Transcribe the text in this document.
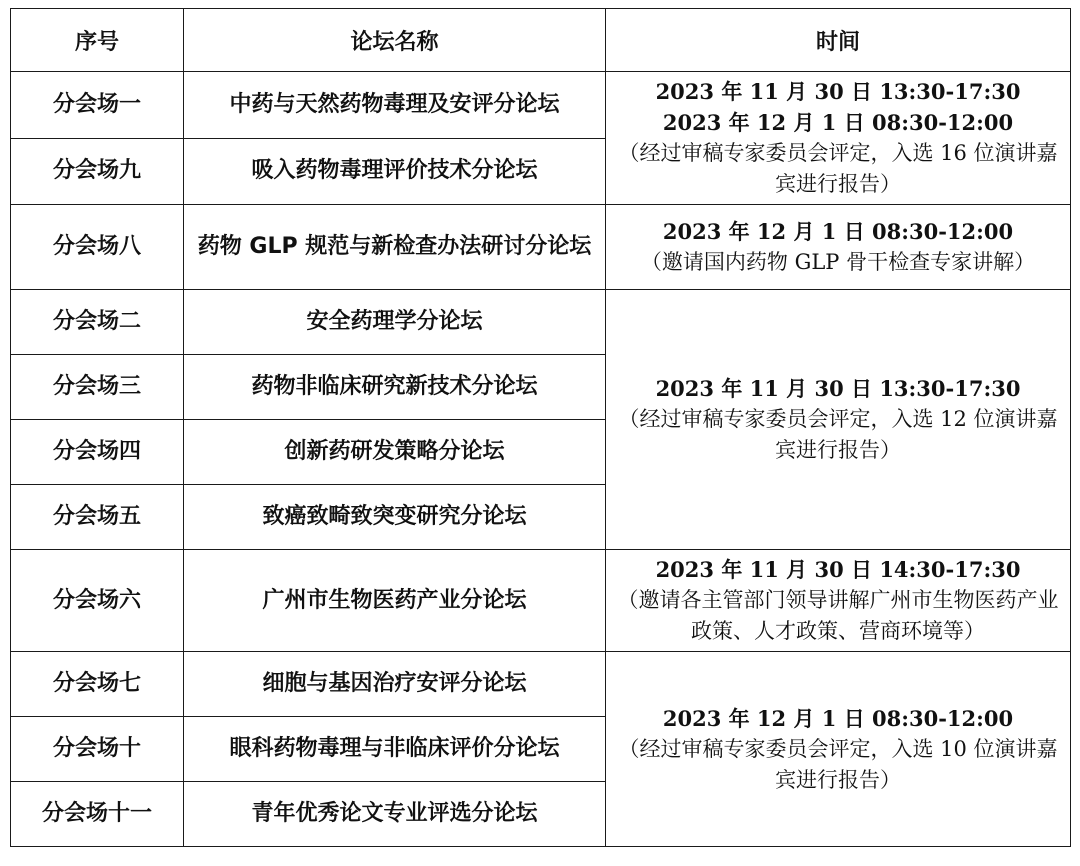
序号	论坛名称	时间
分会场一	中药与天然药物毒理及安评分论坛	2023 年 11 月 30 日 13:30-17:30
2023 年 12 月 1 日 08:30-12:00
（经过审稿专家委员会评定，入选 16 位演讲嘉宾进行报告）

分会场九	吸入药物毒理评价技术分论坛	
分会场八	药物 GLP 规范与新检查办法研讨分论坛	2023 年 12 月 1 日 08:30-12:00
（邀请国内药物 GLP 骨干检查专家讲解）

分会场二	安全药理学分论坛	2023 年 11 月 30 日 13:30-17:30
（经过审稿专家委员会评定，入选 12 位演讲嘉宾进行报告）

分会场三	药物非临床研究新技术分论坛	
分会场四	创新药研发策略分论坛	
分会场五	致癌致畸致突变研究分论坛	
分会场六	广州市生物医药产业分论坛	2023 年 11 月 30 日 14:30-17:30
（邀请各主管部门领导讲解广州市生物医药产业政策、人才政策、营商环境等）

分会场七	细胞与基因治疗安评分论坛	2023 年 12 月 1 日 08:30-12:00
（经过审稿专家委员会评定，入选 10 位演讲嘉宾进行报告）

分会场十	眼科药物毒理与非临床评价分论坛	
分会场十一	青年优秀论文专业评选分论坛	
